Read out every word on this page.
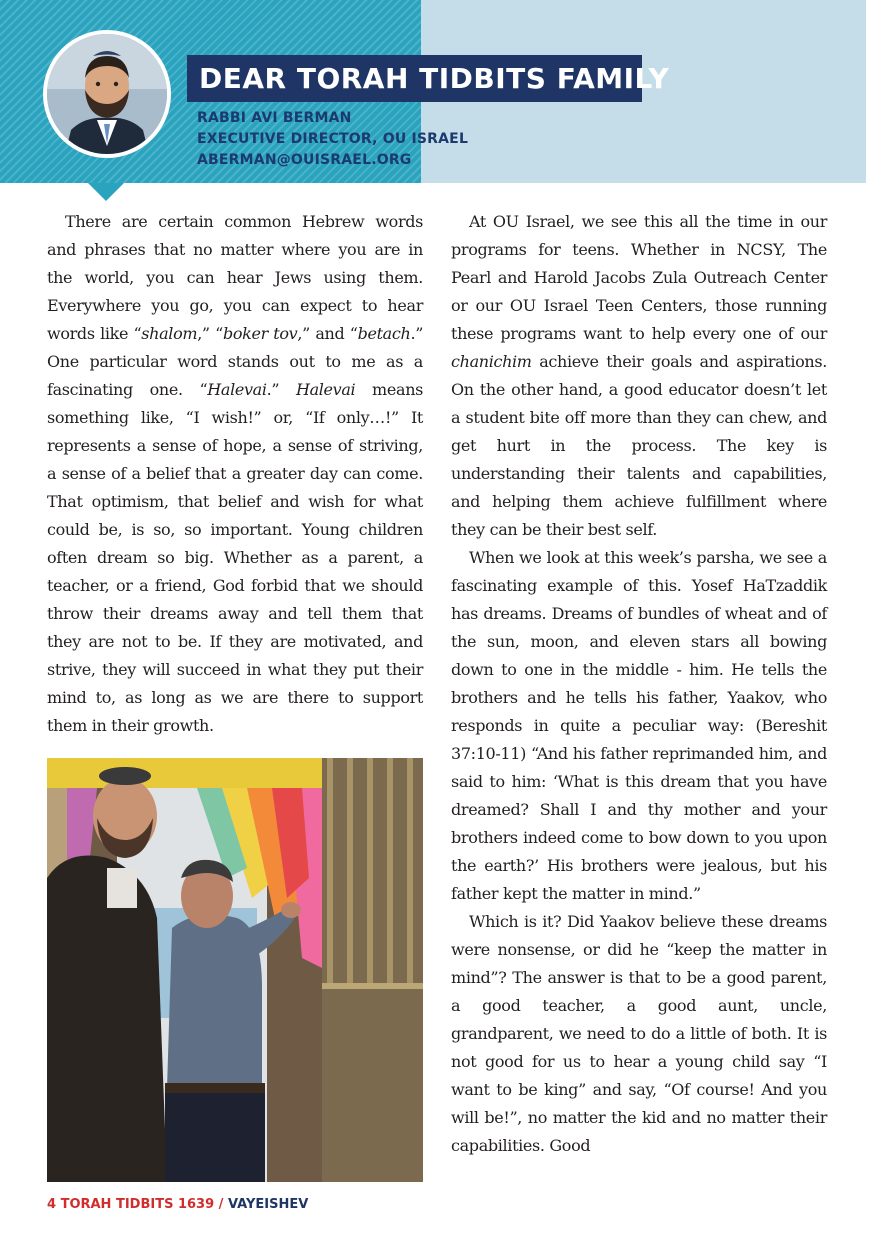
DEAR TORAH TIDBITS FAMILY
RABBI AVI BERMAN
EXECUTIVE DIRECTOR, OU ISRAEL
ABERMAN@OUISRAEL.ORG

There are certain common Hebrew words and phrases that no matter where you are in the world, you can hear Jews using them. Everywhere you go, you can expect to hear words like “shalom,” “boker tov,” and “betach.” One particular word stands out to me as a fascinating one. “Halevai.” Halevai means something like, “I wish!” or, “If only…!” It represents a sense of hope, a sense of striving, a sense of a belief that a greater day can come. That optimism, that belief and wish for what could be, is so, so important. Young children often dream so big. Whether as a parent, a teacher, or a friend, God forbid that we should throw their dreams away and tell them that they are not to be. If they are motivated, and strive, they will succeed in what they put their mind to, as long as we are there to support them in their growth.

At OU Israel, we see this all the time in our programs for teens. Whether in NCSY, The Pearl and Harold Jacobs Zula Outreach Center or our OU Israel Teen Centers, those running these programs want to help every one of our chanichim achieve their goals and aspirations. On the other hand, a good educator doesn’t let a student bite off more than they can chew, and get hurt in the process. The key is understanding their talents and capabilities, and helping them achieve fulfillment where they can be their best self.

When we look at this week’s parsha, we see a fascinating example of this. Yosef HaTzaddik has dreams. Dreams of bundles of wheat and of the sun, moon, and eleven stars all bowing down to one in the middle - him. He tells the brothers and he tells his father, Yaakov, who responds in quite a peculiar way: (Bereshit 37:10-11) “And his father reprimanded him, and said to him: ‘What is this dream that you have dreamed? Shall I and thy mother and your brothers indeed come to bow down to you upon the earth?’ His brothers were jealous, but his father kept the matter in mind.”

Which is it? Did Yaakov believe these dreams were nonsense, or did he “keep the matter in mind”? The answer is that to be a good parent, a good teacher, a good aunt, uncle, grandparent, we need to do a little of both. It is not good for us to hear a young child say “I want to be king” and say, “Of course! And you will be!”, no matter the kid and no matter their capabilities. Good

4 TORAH TIDBITS 1639 / VAYEISHEV
